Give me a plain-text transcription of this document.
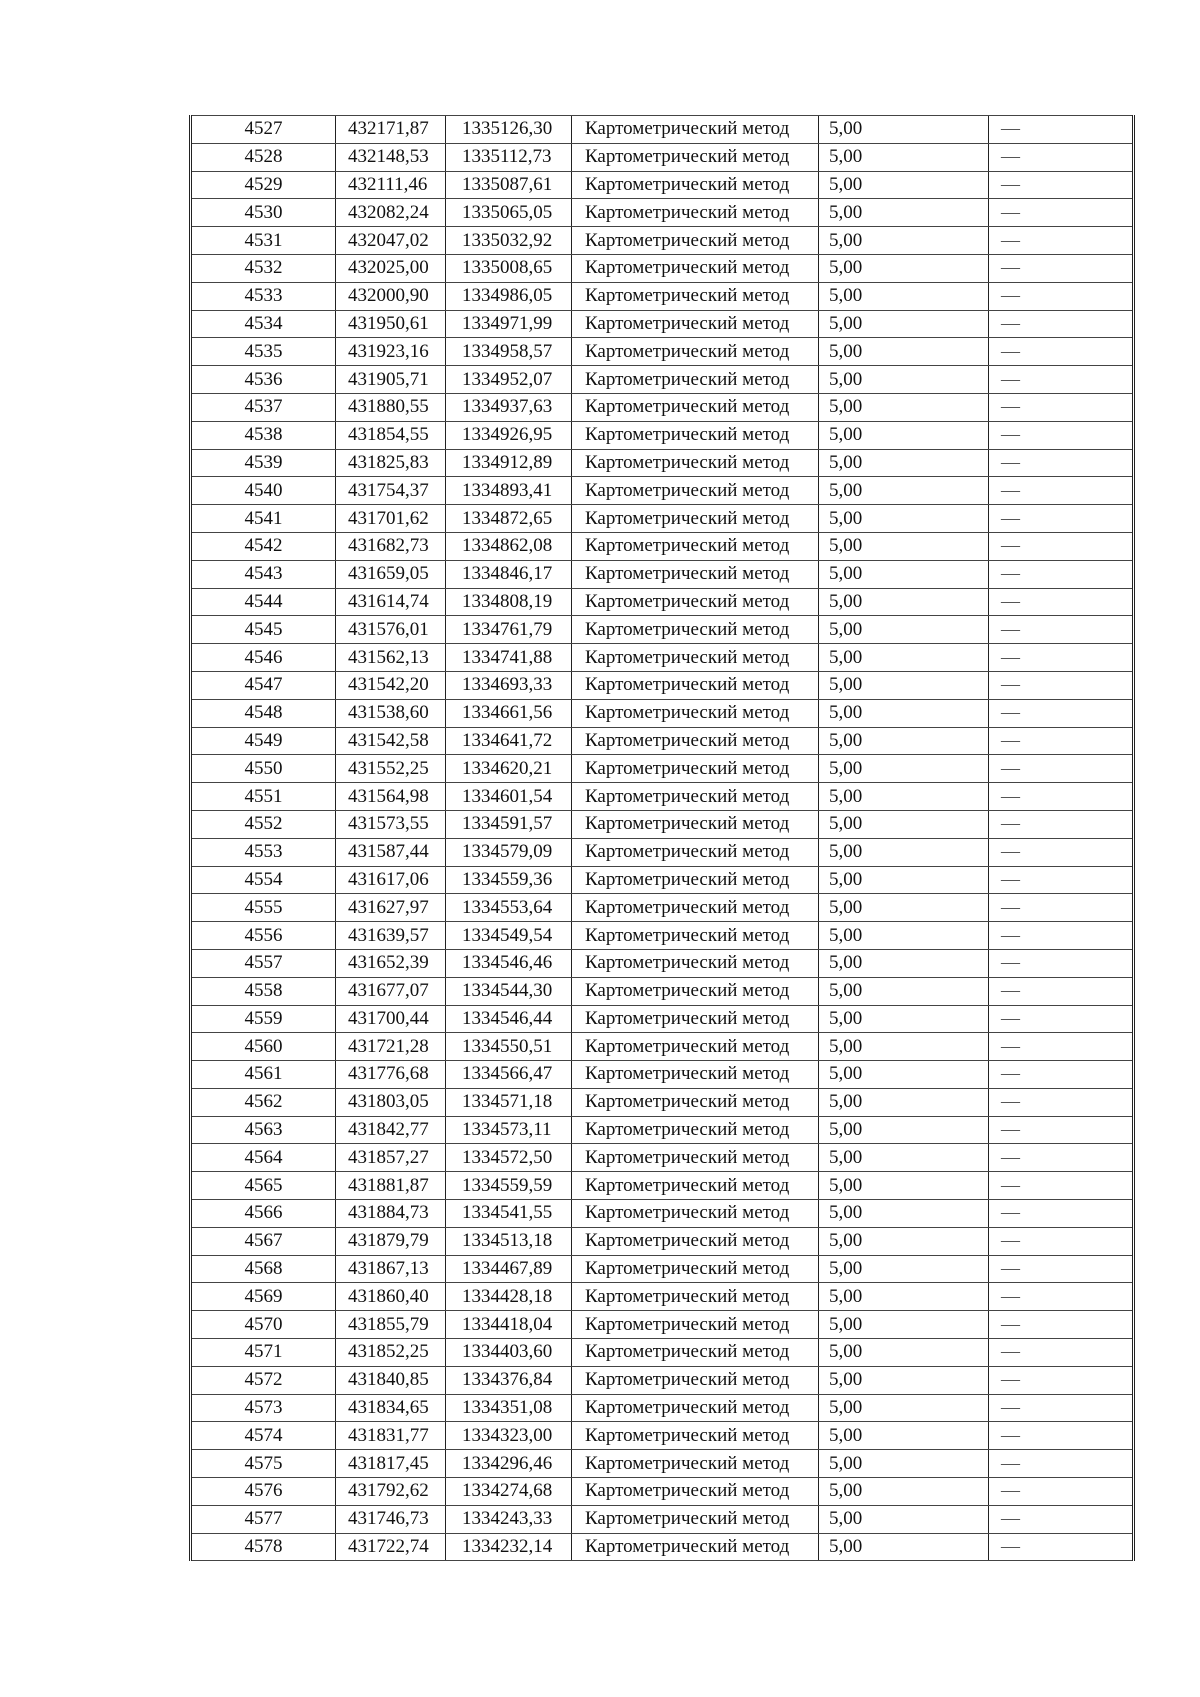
4527	432171,87	1335126,30	Картометрический метод	5,00	—
4528	432148,53	1335112,73	Картометрический метод	5,00	—
4529	432111,46	1335087,61	Картометрический метод	5,00	—
4530	432082,24	1335065,05	Картометрический метод	5,00	—
4531	432047,02	1335032,92	Картометрический метод	5,00	—
4532	432025,00	1335008,65	Картометрический метод	5,00	—
4533	432000,90	1334986,05	Картометрический метод	5,00	—
4534	431950,61	1334971,99	Картометрический метод	5,00	—
4535	431923,16	1334958,57	Картометрический метод	5,00	—
4536	431905,71	1334952,07	Картометрический метод	5,00	—
4537	431880,55	1334937,63	Картометрический метод	5,00	—
4538	431854,55	1334926,95	Картометрический метод	5,00	—
4539	431825,83	1334912,89	Картометрический метод	5,00	—
4540	431754,37	1334893,41	Картометрический метод	5,00	—
4541	431701,62	1334872,65	Картометрический метод	5,00	—
4542	431682,73	1334862,08	Картометрический метод	5,00	—
4543	431659,05	1334846,17	Картометрический метод	5,00	—
4544	431614,74	1334808,19	Картометрический метод	5,00	—
4545	431576,01	1334761,79	Картометрический метод	5,00	—
4546	431562,13	1334741,88	Картометрический метод	5,00	—
4547	431542,20	1334693,33	Картометрический метод	5,00	—
4548	431538,60	1334661,56	Картометрический метод	5,00	—
4549	431542,58	1334641,72	Картометрический метод	5,00	—
4550	431552,25	1334620,21	Картометрический метод	5,00	—
4551	431564,98	1334601,54	Картометрический метод	5,00	—
4552	431573,55	1334591,57	Картометрический метод	5,00	—
4553	431587,44	1334579,09	Картометрический метод	5,00	—
4554	431617,06	1334559,36	Картометрический метод	5,00	—
4555	431627,97	1334553,64	Картометрический метод	5,00	—
4556	431639,57	1334549,54	Картометрический метод	5,00	—
4557	431652,39	1334546,46	Картометрический метод	5,00	—
4558	431677,07	1334544,30	Картометрический метод	5,00	—
4559	431700,44	1334546,44	Картометрический метод	5,00	—
4560	431721,28	1334550,51	Картометрический метод	5,00	—
4561	431776,68	1334566,47	Картометрический метод	5,00	—
4562	431803,05	1334571,18	Картометрический метод	5,00	—
4563	431842,77	1334573,11	Картометрический метод	5,00	—
4564	431857,27	1334572,50	Картометрический метод	5,00	—
4565	431881,87	1334559,59	Картометрический метод	5,00	—
4566	431884,73	1334541,55	Картометрический метод	5,00	—
4567	431879,79	1334513,18	Картометрический метод	5,00	—
4568	431867,13	1334467,89	Картометрический метод	5,00	—
4569	431860,40	1334428,18	Картометрический метод	5,00	—
4570	431855,79	1334418,04	Картометрический метод	5,00	—
4571	431852,25	1334403,60	Картометрический метод	5,00	—
4572	431840,85	1334376,84	Картометрический метод	5,00	—
4573	431834,65	1334351,08	Картометрический метод	5,00	—
4574	431831,77	1334323,00	Картометрический метод	5,00	—
4575	431817,45	1334296,46	Картометрический метод	5,00	—
4576	431792,62	1334274,68	Картометрический метод	5,00	—
4577	431746,73	1334243,33	Картометрический метод	5,00	—
4578	431722,74	1334232,14	Картометрический метод	5,00	—
